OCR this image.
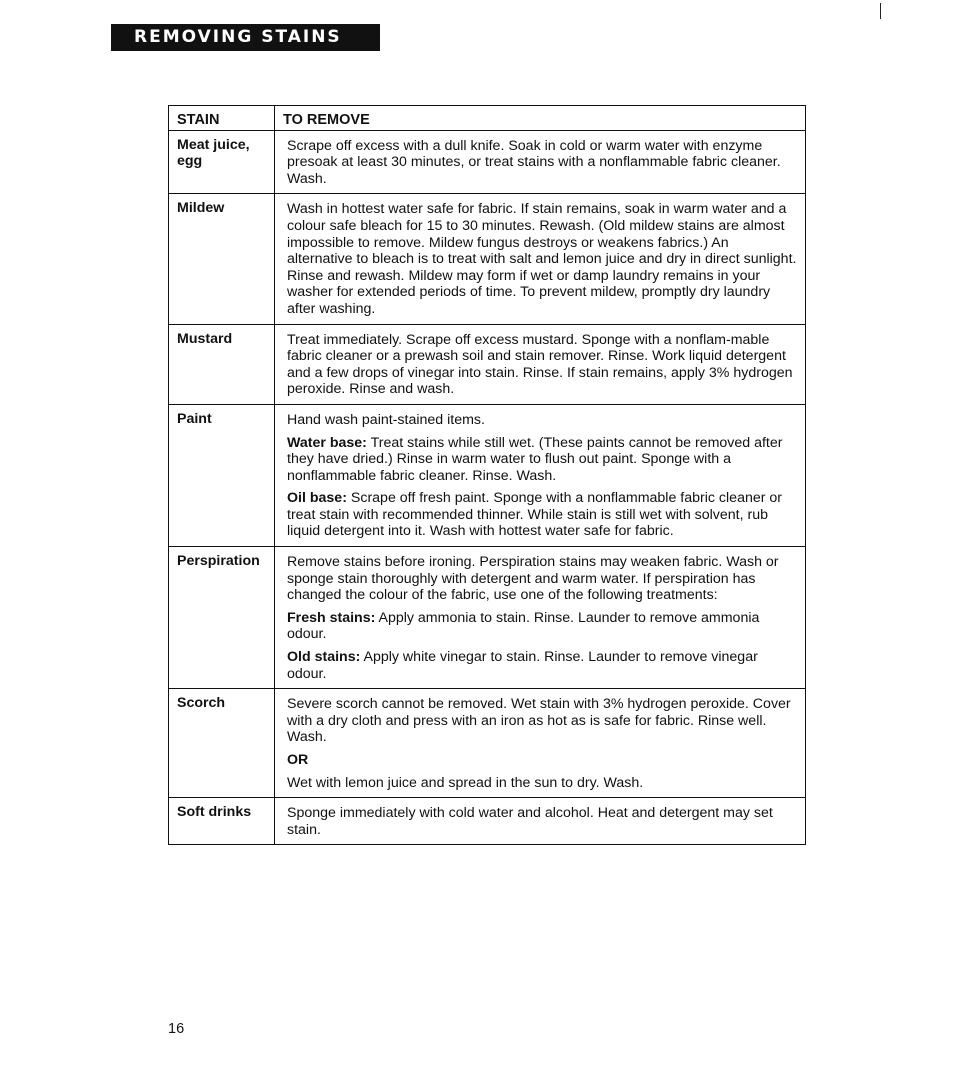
REMOVING STAINS
STAIN	TO REMOVE
Meat juice, egg	Scrape off excess with a dull knife. Soak in cold or warm water with enzyme presoak at least 30 minutes, or treat stains with a nonflammable fabric cleaner. Wash.

Mildew	Wash in hottest water safe for fabric. If stain remains, soak in warm water and a colour safe bleach for 15 to 30 minutes. Rewash. (Old mildew stains are almost impossible to remove. Mildew fungus destroys or weakens fabrics.) An alternative to bleach is to treat with salt and lemon juice and dry in direct sunlight. Rinse and rewash. Mildew may form if wet or damp laundry remains in your washer for extended periods of time. To prevent mildew, promptly dry laundry after washing.

Mustard	Treat immediately. Scrape off excess mustard. Sponge with a nonflam-mable fabric cleaner or a prewash soil and stain remover. Rinse. Work liquid detergent and a few drops of vinegar into stain. Rinse. If stain remains, apply 3% hydrogen peroxide. Rinse and wash.

Paint	Hand wash paint-stained items.

Water base: Treat stains while still wet. (These paints cannot be removed after they have dried.) Rinse in warm water to flush out paint. Sponge with a nonflammable fabric cleaner. Rinse. Wash.

Oil base: Scrape off fresh paint. Sponge with a nonflammable fabric cleaner or treat stain with recommended thinner. While stain is still wet with solvent, rub liquid detergent into it. Wash with hottest water safe for fabric.

Perspiration	Remove stains before ironing. Perspiration stains may weaken fabric. Wash or sponge stain thoroughly with detergent and warm water. If perspiration has changed the colour of the fabric, use one of the following treatments:

Fresh stains: Apply ammonia to stain. Rinse. Launder to remove ammonia odour.

Old stains: Apply white vinegar to stain. Rinse. Launder to remove vinegar odour.

Scorch	Severe scorch cannot be removed. Wet stain with 3% hydrogen peroxide. Cover with a dry cloth and press with an iron as hot as is safe for fabric. Rinse well. Wash.

OR

Wet with lemon juice and spread in the sun to dry. Wash.

Soft drinks	Sponge immediately with cold water and alcohol. Heat and detergent may set stain.

16
